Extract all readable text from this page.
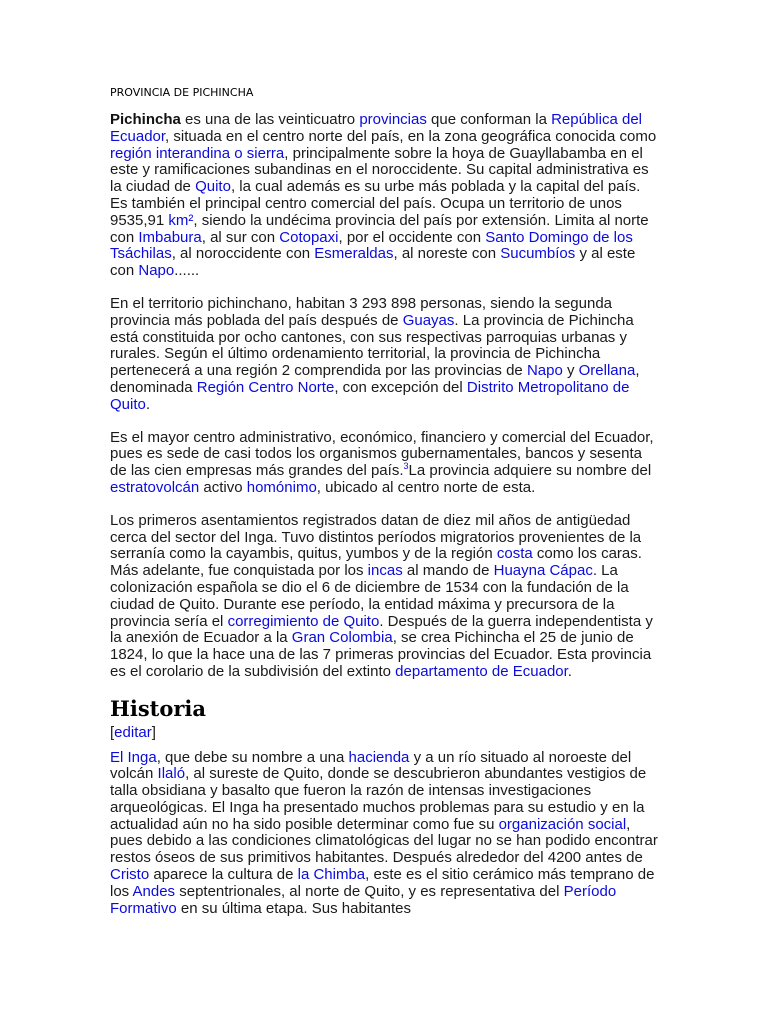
PROVINCIA DE PICHINCHA

Pichincha es una de las veinticuatro provincias que conforman la República del Ecuador, situada en el centro norte del país, en la zona geográfica conocida como región interandina o sierra, principalmente sobre la hoya de Guayllabamba en el este y ramificaciones subandinas en el noroccidente. Su capital administrativa es la ciudad de Quito, la cual además es su urbe más poblada y la capital del país. Es también el principal centro comercial del país. Ocupa un territorio de unos 9535,91 km², siendo la undécima provincia del país por extensión. Limita al norte con Imbabura, al sur con Cotopaxi, por el occidente con Santo Domingo de los Tsáchilas, al noroccidente con Esmeraldas, al noreste con Sucumbíos y al este con Napo......

En el territorio pichinchano, habitan 3 293 898 personas, siendo la segunda provincia más poblada del país después de Guayas. La provincia de Pichincha está constituida por ocho cantones, con sus respectivas parroquias urbanas y rurales. Según el último ordenamiento territorial, la provincia de Pichincha pertenecerá a una región 2 comprendida por las provincias de Napo y Orellana, denominada Región Centro Norte, con excepción del Distrito Metropolitano de Quito.

Es el mayor centro administrativo, económico, financiero y comercial del Ecuador, pues es sede de casi todos los organismos gubernamentales, bancos y sesenta de las cien empresas más grandes del país.$^3$La provincia adquiere su nombre del estratovolcán activo homónimo, ubicado al centro norte de esta.

Los primeros asentamientos registrados datan de diez mil años de antigüedad cerca del sector del Inga. Tuvo distintos períodos migratorios provenientes de la serranía como la cayambis, quitus, yumbos y de la región costa como los caras. Más adelante, fue conquistada por los incas al mando de Huayna Cápac. La colonización española se dio el 6 de diciembre de 1534 con la fundación de la ciudad de Quito. Durante ese período, la entidad máxima y precursora de la provincia sería el corregimiento de Quito. Después de la guerra independentista y la anexión de Ecuador a la Gran Colombia, se crea Pichincha el 25 de junio de 1824, lo que la hace una de las 7 primeras provincias del Ecuador. Esta provincia es el corolario de la subdivisión del extinto departamento de Ecuador.

Historia
[editar]

El Inga, que debe su nombre a una hacienda y a un río situado al noroeste del volcán Ilaló, al sureste de Quito, donde se descubrieron abundantes vestigios de talla obsidiana y basalto que fueron la razón de intensas investigaciones arqueológicas. El Inga ha presentado muchos problemas para su estudio y en la actualidad aún no ha sido posible determinar como fue su organización social, pues debido a las condiciones climatológicas del lugar no se han podido encontrar restos óseos de sus primitivos habitantes. Después alrededor del 4200 antes de Cristo aparece la cultura de la Chimba, este es el sitio cerámico más temprano de los Andes septentrionales, al norte de Quito, y es representativa del Período Formativo en su última etapa. Sus habitantes
